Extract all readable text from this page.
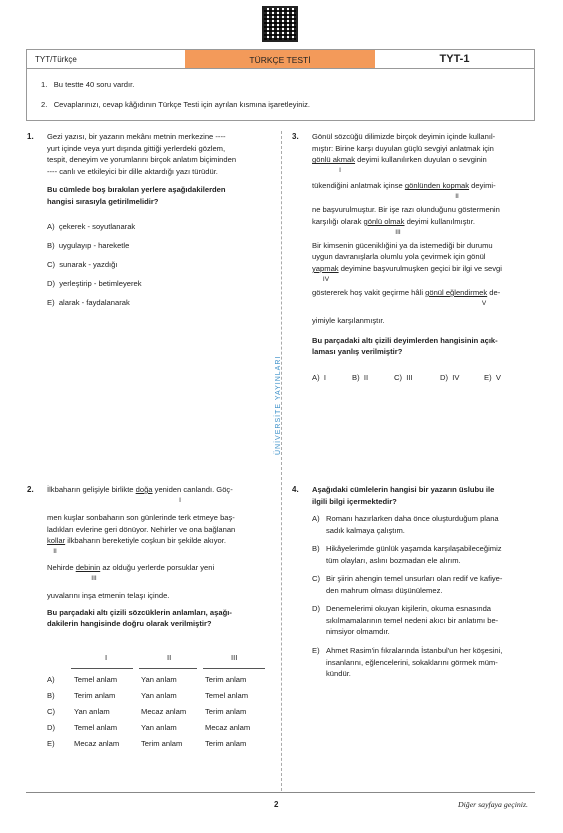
TYT/Türkçe	TÜRKÇE TESTİ	TYT-1
1. Bu testte 40 soru vardır.
2. Cevaplarınızı, cevap kâğıdının Türkçe Testi için ayrılan kısmına işaretleyiniz.
ÜNİVERSİTE YAYINLARI
1. Gezi yazısı, bir yazarın mekânı metnin merkezine ----
yurt içinde veya yurt dışında gittiği yerlerdeki gözlem,
tespit, deneyim ve yorumlarını birçok anlatım biçiminden
---- canlı ve etkileyici bir dille aktardığı yazı türüdür.
Bu cümlede boş bırakılan yerlere aşağıdakilerden
hangisi sırasıyla getirilmelidir?
A) çekerek - soyutlanarak
B) uygulayıp - hareketle
C) sunarak - yazdığı
D) yerleştirip - betimleyerek
E) alarak - faydalanarak
2. İlkbaharın gelişiyle birlikte doğa yeniden canlandı. Göç-
I
men kuşlar sonbaharın son günlerinde terk etmeye baş-
ladıkları evlerine geri dönüyor. Nehirler ve ona bağlanan
kollar ilkbaharın bereketiyle coşkun bir şekilde akıyor.
II
Nehirde debinin az olduğu yerlerde porsuklar yeni
III
yuvalarını inşa etmenin telaşı içinde.
Bu parçadaki altı çizili sözcüklerin anlamları, aşağı-
dakilerin hangisinde doğru olarak verilmiştir?
I	II	III
A)	Temel anlam	Yan anlam	Terim anlam
B)	Terim anlam	Yan anlam	Temel anlam
C) Yan anlam	Mecaz anlam Terim anlam
D) Temel anlam	Yan anlam	Mecaz anlam
E)	Mecaz anlam	Terim anlam	Terim anlam
3. Gönül sözcüğü dilimizde birçok deyimin içinde kullanıl-
mıştır: Birine karşı duyulan güçlü sevgiyi anlatmak için
gönlü akmak deyimi kullanılırken duyulan o sevginin
I
tükendiğini anlatmak içinse gönlünden kopmak deyimi-
II
ne başvurulmuştur. Bir işe razı olunduğunu göstermenin
karşılığı olarak gönlü olmak deyimi kullanılmıştır.
III
Bir kimsenin güceniklığini ya da istemediği bir durumu
uygun davranışlarla olumlu yola çevirmek için gönül
yapmak deyimine başvurulmuşken geçici bir ilgi ve sevgi
IV
göstererek hoş vakit geçirme hâli gönül eğlendirmek de-
V
yimiyle karşılanmıştır.
Bu parçadaki altı çizili deyimlerden hangisinin açık-
laması yanlış verilmiştir?
A) I	B) II	C) III	D) IV	E) V
4. Aşağıdaki cümlelerin hangisi bir yazarın üslubu ile
ilgili bilgi içermektedir?
A) Romanı hazırlarken daha önce oluşturduğum plana
sadık kalmaya çalıştım.
B) Hikâyelerimde günlük yaşamda karşılaşabileceğimiz
tüm olayları, aslını bozmadan ele alırım.
C) Bir şiirin ahengin temel unsurları olan redif ve kafiye-
den mahrum olması düşünülemez.
D) Denemelerimi okuyan kişilerin, okuma esnasında
sıkılmamalarının temel nedeni akıcı bir anlatımı be-
nimsiyor olmamdır.
E) Ahmet Rasim'in fıkralarında İstanbul'un her köşesini,
insanlarını, eğlencelerini, sokaklarını görmek müm-
kündür.
2	Diğer sayfaya geçiniz.
